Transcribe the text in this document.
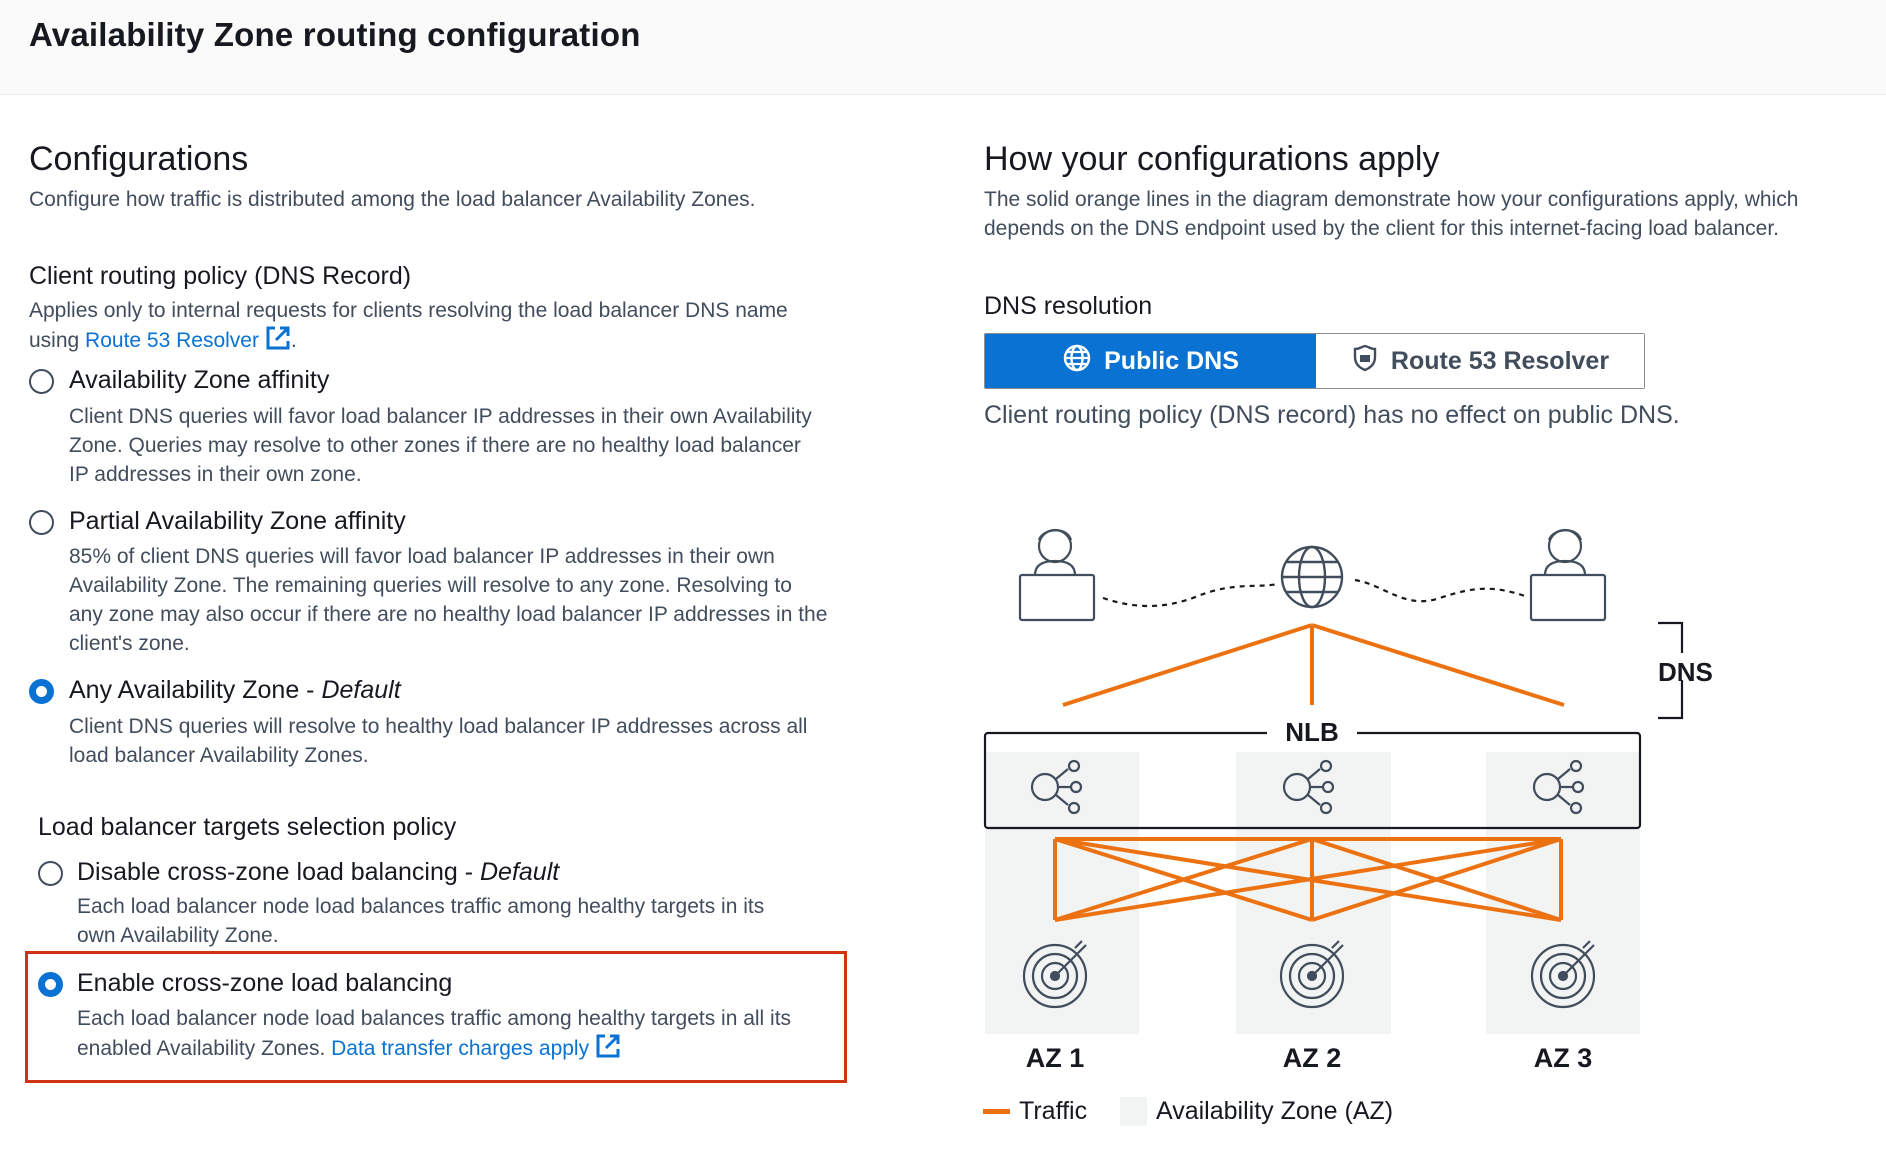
Availability Zone routing configuration
Configurations
Configure how traffic is distributed among the load balancer Availability Zones.
Client routing policy (DNS Record)
Applies only to internal requests for clients resolving the load balancer DNS name
using Route 53 Resolver .
Availability Zone affinity
Client DNS queries will favor load balancer IP addresses in their own Availability
Zone. Queries may resolve to other zones if there are no healthy load balancer
IP addresses in their own zone.
Partial Availability Zone affinity
85% of client DNS queries will favor load balancer IP addresses in their own
Availability Zone. The remaining queries will resolve to any zone. Resolving to
any zone may also occur if there are no healthy load balancer IP addresses in the
client's zone.
Any Availability Zone - Default
Client DNS queries will resolve to healthy load balancer IP addresses across all
load balancer Availability Zones.
Load balancer targets selection policy
Disable cross-zone load balancing - Default
Each load balancer node load balances traffic among healthy targets in its
own Availability Zone.
Enable cross-zone load balancing
Each load balancer node load balances traffic among healthy targets in all its
enabled Availability Zones. Data transfer charges apply
How your configurations apply
The solid orange lines in the diagram demonstrate how your configurations apply, which
depends on the DNS endpoint used by the client for this internet-facing load balancer.
DNS resolution
Public DNS	Route 53 Resolver
Client routing policy (DNS record) has no effect on public DNS.
DNS
NLB
AZ 1	AZ 2	AZ 3
Traffic	Availability Zone (AZ)
